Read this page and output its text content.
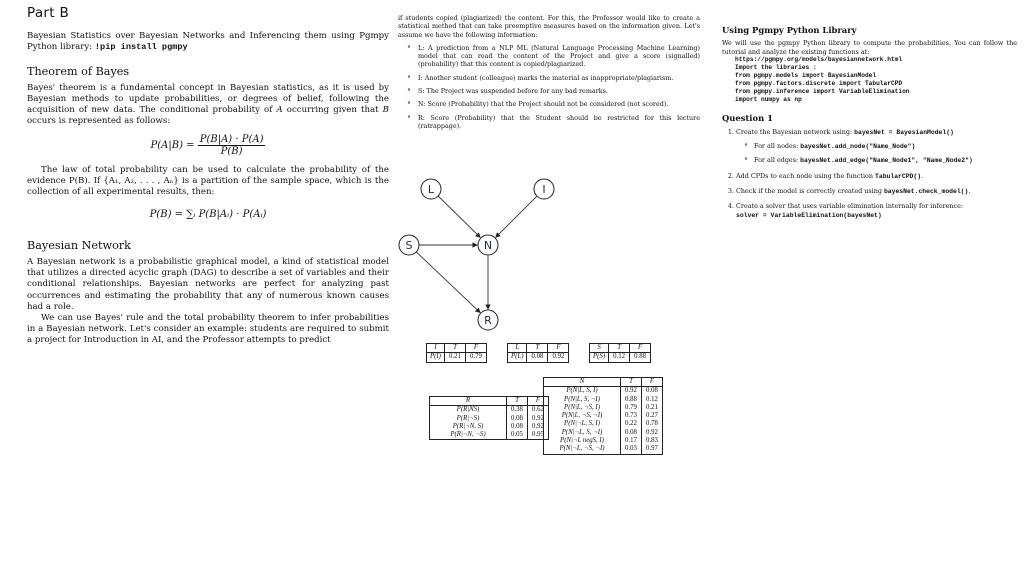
Part B

Bayesian Statistics over Bayesian Networks and Inferencing them using Pgmpy Python library: !pip install pgmpy

Theorem of Bayes

Bayes' theorem is a fundamental concept in Bayesian statistics, as it is used by Bayesian methods to update probabilities, or degrees of belief, following the acquisition of new data. The conditional probability of A occurring given that B occurs is represented as follows:

$P(A|B) = \frac{P(B|A) \cdot P(A)}{P(B)}$

The law of total probability can be used to calculate the probability of the evidence P(B). If {A₁, A₂, . . . , Aₙ} is a partition of the sample space, which is the collection of all experimental results, then:

P(B) = ∑ᵢ P(B|Aᵢ) · P(Aᵢ)
Bayesian Network

A Bayesian network is a probabilistic graphical model, a kind of statistical model that utilizes a directed acyclic graph (DAG) to describe a set of variables and their conditional relationships. Bayesian networks are perfect for analyzing past occurrences and estimating the probability that any of numerous known causes had a role.

We can use Bayes' rule and the total probability theorem to infer probabilities in a Bayesian network. Let's consider an example: students are required to submit a project for Introduction in AI, and the Professor attempts to predict

if students copied (plagiarized) the content. For this, the Professor would like to create a statistical method that can take preemptive measures based on the information given. Let's assume we have the following information:

∘ L: A prediction from a NLP ML (Natural Language Processing Machine Learning) model that can read the content of the Project and give a score (signalled) (probability) that this content is copied/plagiarized.
∘ I: Another student (colleague) marks the material as inappropriate/plagiarism.
∘ S: The Project was suspended before for any bad remarks.
∘ N: Score (Probability) that the Project should not be considered (not scored).
∘ R: Score (Probability) that the Student should be restricted for this lecture (ratrappage).
L	I
S	N
R
I	T	F
P(I)	0.21	0.79
L	T	F
P(L)	0.08	0.92
S	T	F
P(S)	0.12	0.88
R	T	F
P(R|NS)	0.38	0.62
P(R|¬S)	0.08	0.92
P(R|¬N, S)	0.08	0.92
P(R|¬N, ¬S)	0.05	0.95
N	T	F
P(N|L, S, I)	0.92	0.08
P(N|L, S, ¬I)	0.88	0.12
P(N|L, ¬S, I)	0.79	0.21
P(N|L, ¬S, ¬I)	0.73	0.27
P(N|¬L, S, I)	0.22	0.78
P(N|¬L, S, ¬I)	0.08	0.92
P(N|¬L negS, I)	0.17	0.83
P(N|¬L, ¬S, ¬I)	0.03	0.97
Using Pgmpy Python Library

We will use the pgmpy Python library to compute the probabilities. You can follow the tutorial and analyze the existing functions at:

https://pgmpy.org/models/bayesiannetwork.html
Import the libraries :
from pgmpy.models import BayesianModel
from pgmpy.factors.discrete import TabularCPD
from pgmpy.inference import VariableElimination
import numpy as np
Question 1
1. Create the Bayesian network using: bayesNet = BayesianModel()
∘ For all nodes: bayesNet.add_node("Name_Node")
∘ For all edges: bayesNet.add_edge("Name_Node1", "Name_Node2")
2. Add CPDs to each node using the function TabularCPD().
3. Check if the model is correctly created using bayesNet.check_model().
4. Create a solver that uses variable elimination internally for inference:
solver = VariableElimination(bayesNet)
